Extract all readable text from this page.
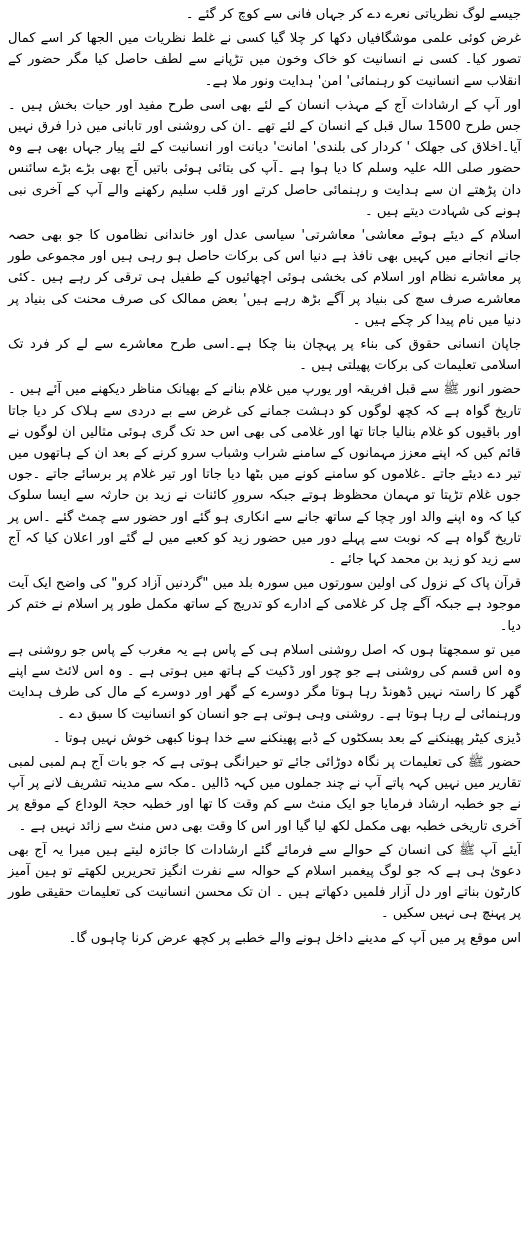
جیسے لوگ نظریاتی نعرے دے کر جہاں فانی سے کوچ کر گئے ۔

غرض کوئی علمی موشگافیاں دکھا کر چلا گیا کسی نے غلط نظریات میں الجھا کر اسے کمال تصور کیا۔ کسی نے انسانیت کو خاک وخون میں تڑپانے سے لطف حاصل کیا مگر حضور کے انقلاب سے انسانیت کو رہنمائی' امن' ہدایت ونور ملا ہے۔

اور آپ کے ارشادات آج کے مہذب انسان کے لئے بھی اسی طرح مفید اور حیات بخش ہیں ۔جس طرح 1500 سال قبل کے انسان کے لئے تھے ۔ان کی روشنی اور تابانی میں ذرا فرق نہیں آیا۔اخلاق کی جھلک ' کردار کی بلندی' امانت' دیانت اور انسانیت کے لئے پیار جہاں بھی ہے وہ حضور صلی اللہ علیہ وسلم کا دیا ہوا ہے ۔آپ کی بتائی ہوئی باتیں آج بھی بڑے بڑے سائنس دان پڑھتے ان سے ہدایت و رہنمائی حاصل کرتے اور قلب سلیم رکھنے والے آپ کے آخری نبی ہونے کی شہادت دیتے ہیں ۔

اسلام کے دیئے ہوئے معاشی' معاشرتی' سیاسی عدل اور خاندانی نظاموں کا جو بھی حصہ جانے انجانے میں کہیں بھی نافذ ہے دنیا اس کی برکات حاصل ہو رہی ہیں اور مجموعی طور پر معاشرے نظام اور اسلام کی بخشی ہوئی اچھائیوں کے طفیل ہی ترقی کر رہے ہیں ۔کئی معاشرے صرف سچ کی بنیاد پر آگے بڑھ رہے ہیں' بعض ممالک کی صرف محنت کی بنیاد پر دنیا میں نام پیدا کر چکے ہیں ۔

جاپان انسانی حقوق کی بناء پر پہچان بنا چکا ہے۔اسی طرح معاشرے سے لے کر فرد تک اسلامی تعلیمات کی برکات پھیلتی ہیں ۔

حضور انور ﷺ سے قبل افریقہ اور یورپ میں غلام بنانے کے بھیانک مناظر دیکھنے میں آئے ہیں ۔تاریخ گواہ ہے کہ کچھ لوگوں کو دہشت جمانے کی غرض سے بے دردی سے ہلاک کر دیا جاتا اور باقیوں کو غلام بنالیا جاتا تھا اور غلامی کی بھی اس حد تک گری ہوئی مثالیں ان لوگوں نے قائم کیں کہ اپنے معزز مہمانوں کے سامنے شراب وشباب سرو کرنے کے بعد ان کے ہاتھوں میں تیر دے دیئے جاتے ۔غلاموں کو سامنے کونے میں بٹھا دیا جاتا اور تیر غلام پر برسائے جاتے ۔جوں جوں غلام تڑپتا تو مہمان محظوظ ہوتے جبکہ سرورِ کائنات نے زید بن حارثہ سے ایسا سلوک کیا کہ وہ اپنے والد اور چچا کے ساتھ جانے سے انکاری ہو گئے اور حضور سے چمٹ گئے ۔اس پر تاریخ گواہ ہے کہ نوبت سے پہلے دور میں حضور زید کو کعبے میں لے گئے اور اعلان کیا کہ آج سے زید کو زید بن محمد کہا جائے ۔

قرآن پاک کے نزول کی اولین سورتوں میں سورہ بلد میں "گردنیں آزاد کرو" کی واضح ایک آیت موجود ہے جبکہ آگے چل کر غلامی کے ادارے کو تدریج کے ساتھ مکمل طور پر اسلام نے ختم کر دیا۔

میں تو سمجھتا ہوں کہ اصل روشنی اسلام ہی کے پاس ہے یہ مغرب کے پاس جو روشنی ہے وہ اس قسم کی روشنی ہے جو چور اور ڈکیت کے ہاتھ میں ہوتی ہے ۔ وہ اس لائٹ سے اپنے گھر کا راستہ نہیں ڈھونڈ رہا ہوتا مگر دوسرے کے گھر اور دوسرے کے مال کی طرف ہدایت ورہنمائی لے رہا ہوتا ہے۔ روشنی وہی ہوتی ہے جو انسان کو انسانیت کا سبق دے ۔

ڈیزی کیٹر پھینکنے کے بعد بسکٹوں کے ڈبے پھینکنے سے خدا ہونا کبھی خوش نہیں ہوتا ۔

حضور ﷺ کی تعلیمات پر نگاہ دوڑائی جائے تو حیرانگی ہوتی ہے کہ جو بات آج ہم لمبی لمبی تقاریر میں نہیں کہہ پاتے آپ نے چند جملوں میں کہہ ڈالیں ۔مکہ سے مدینہ تشریف لانے پر آپ نے جو خطبہ ارشاد فرمایا جو ایک منٹ سے کم وقت کا تھا اور خطبہ حجۃ الوداع کے موقع پر آخری تاریخی خطبہ بھی مکمل لکھ لیا گیا اور اس کا وقت بھی دس منٹ سے زائد نہیں ہے ۔

آیئے آپ ﷺ کی انسان کے حوالے سے فرمائے گئے ارشادات کا جائزہ لیتے ہیں میرا یہ آج بھی دعویٰ ہی ہے کہ جو لوگ پیغمبر اسلام کے حوالہ سے نفرت انگیز تحریریں لکھتے تو ہین آمیز کارٹون بناتے اور دل آزار فلمیں دکھاتے ہیں ۔ ان تک محسن انسانیت کی تعلیمات حقیقی طور پر پہنچ ہی نہیں سکیں ۔

اس موقع پر میں آپ کے مدینے داخل ہونے والے خطبے پر کچھ عرض کرنا چاہوں گا۔
